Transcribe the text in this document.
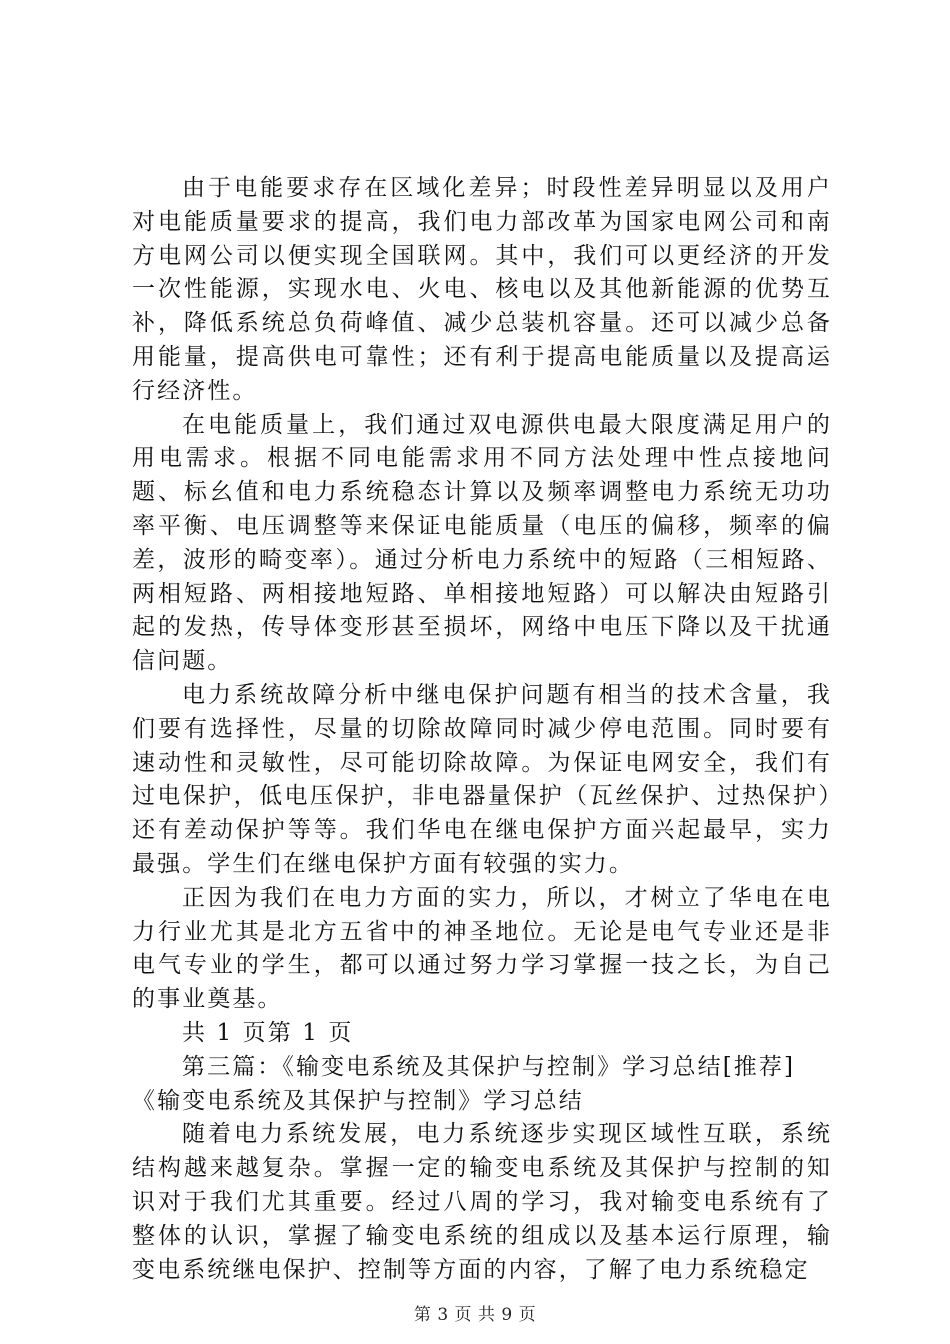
由于电能要求存在区域化差异；时段性差异明显以及用户对电能质量要求的提高，我们电力部改革为国家电网公司和南方电网公司以便实现全国联网。其中，我们可以更经济的开发一次性能源，实现水电、火电、核电以及其他新能源的优势互补，降低系统总负荷峰值、减少总装机容量。还可以减少总备用能量，提高供电可靠性；还有利于提高电能质量以及提高运行经济性。

在电能质量上，我们通过双电源供电最大限度满足用户的用电需求。根据不同电能需求用不同方法处理中性点接地问题、标幺值和电力系统稳态计算以及频率调整电力系统无功功率平衡、电压调整等来保证电能质量（电压的偏移，频率的偏差，波形的畸变率）。通过分析电力系统中的短路（三相短路、两相短路、两相接地短路、单相接地短路）可以解决由短路引起的发热，传导体变形甚至损坏，网络中电压下降以及干扰通信问题。

电力系统故障分析中继电保护问题有相当的技术含量，我们要有选择性，尽量的切除故障同时减少停电范围。同时要有速动性和灵敏性，尽可能切除故障。为保证电网安全，我们有过电保护，低电压保护，非电器量保护（瓦丝保护、过热保护）还有差动保护等等。我们华电在继电保护方面兴起最早，实力最强。学生们在继电保护方面有较强的实力。

正因为我们在电力方面的实力，所以，才树立了华电在电力行业尤其是北方五省中的神圣地位。无论是电气专业还是非电气专业的学生，都可以通过努力学习掌握一技之长，为自己的事业奠基。

共 1 页第 1 页

第三篇：《输变电系统及其保护与控制》学习总结[推荐]

《输变电系统及其保护与控制》学习总结

随着电力系统发展，电力系统逐步实现区域性互联，系统结构越来越复杂。掌握一定的输变电系统及其保护与控制的知识对于我们尤其重要。经过八周的学习，我对输变电系统有了整体的认识，掌握了输变电系统的组成以及基本运行原理，输变电系统继电保护、控制等方面的内容，了解了电力系统稳定

第 3 页 共 9 页
